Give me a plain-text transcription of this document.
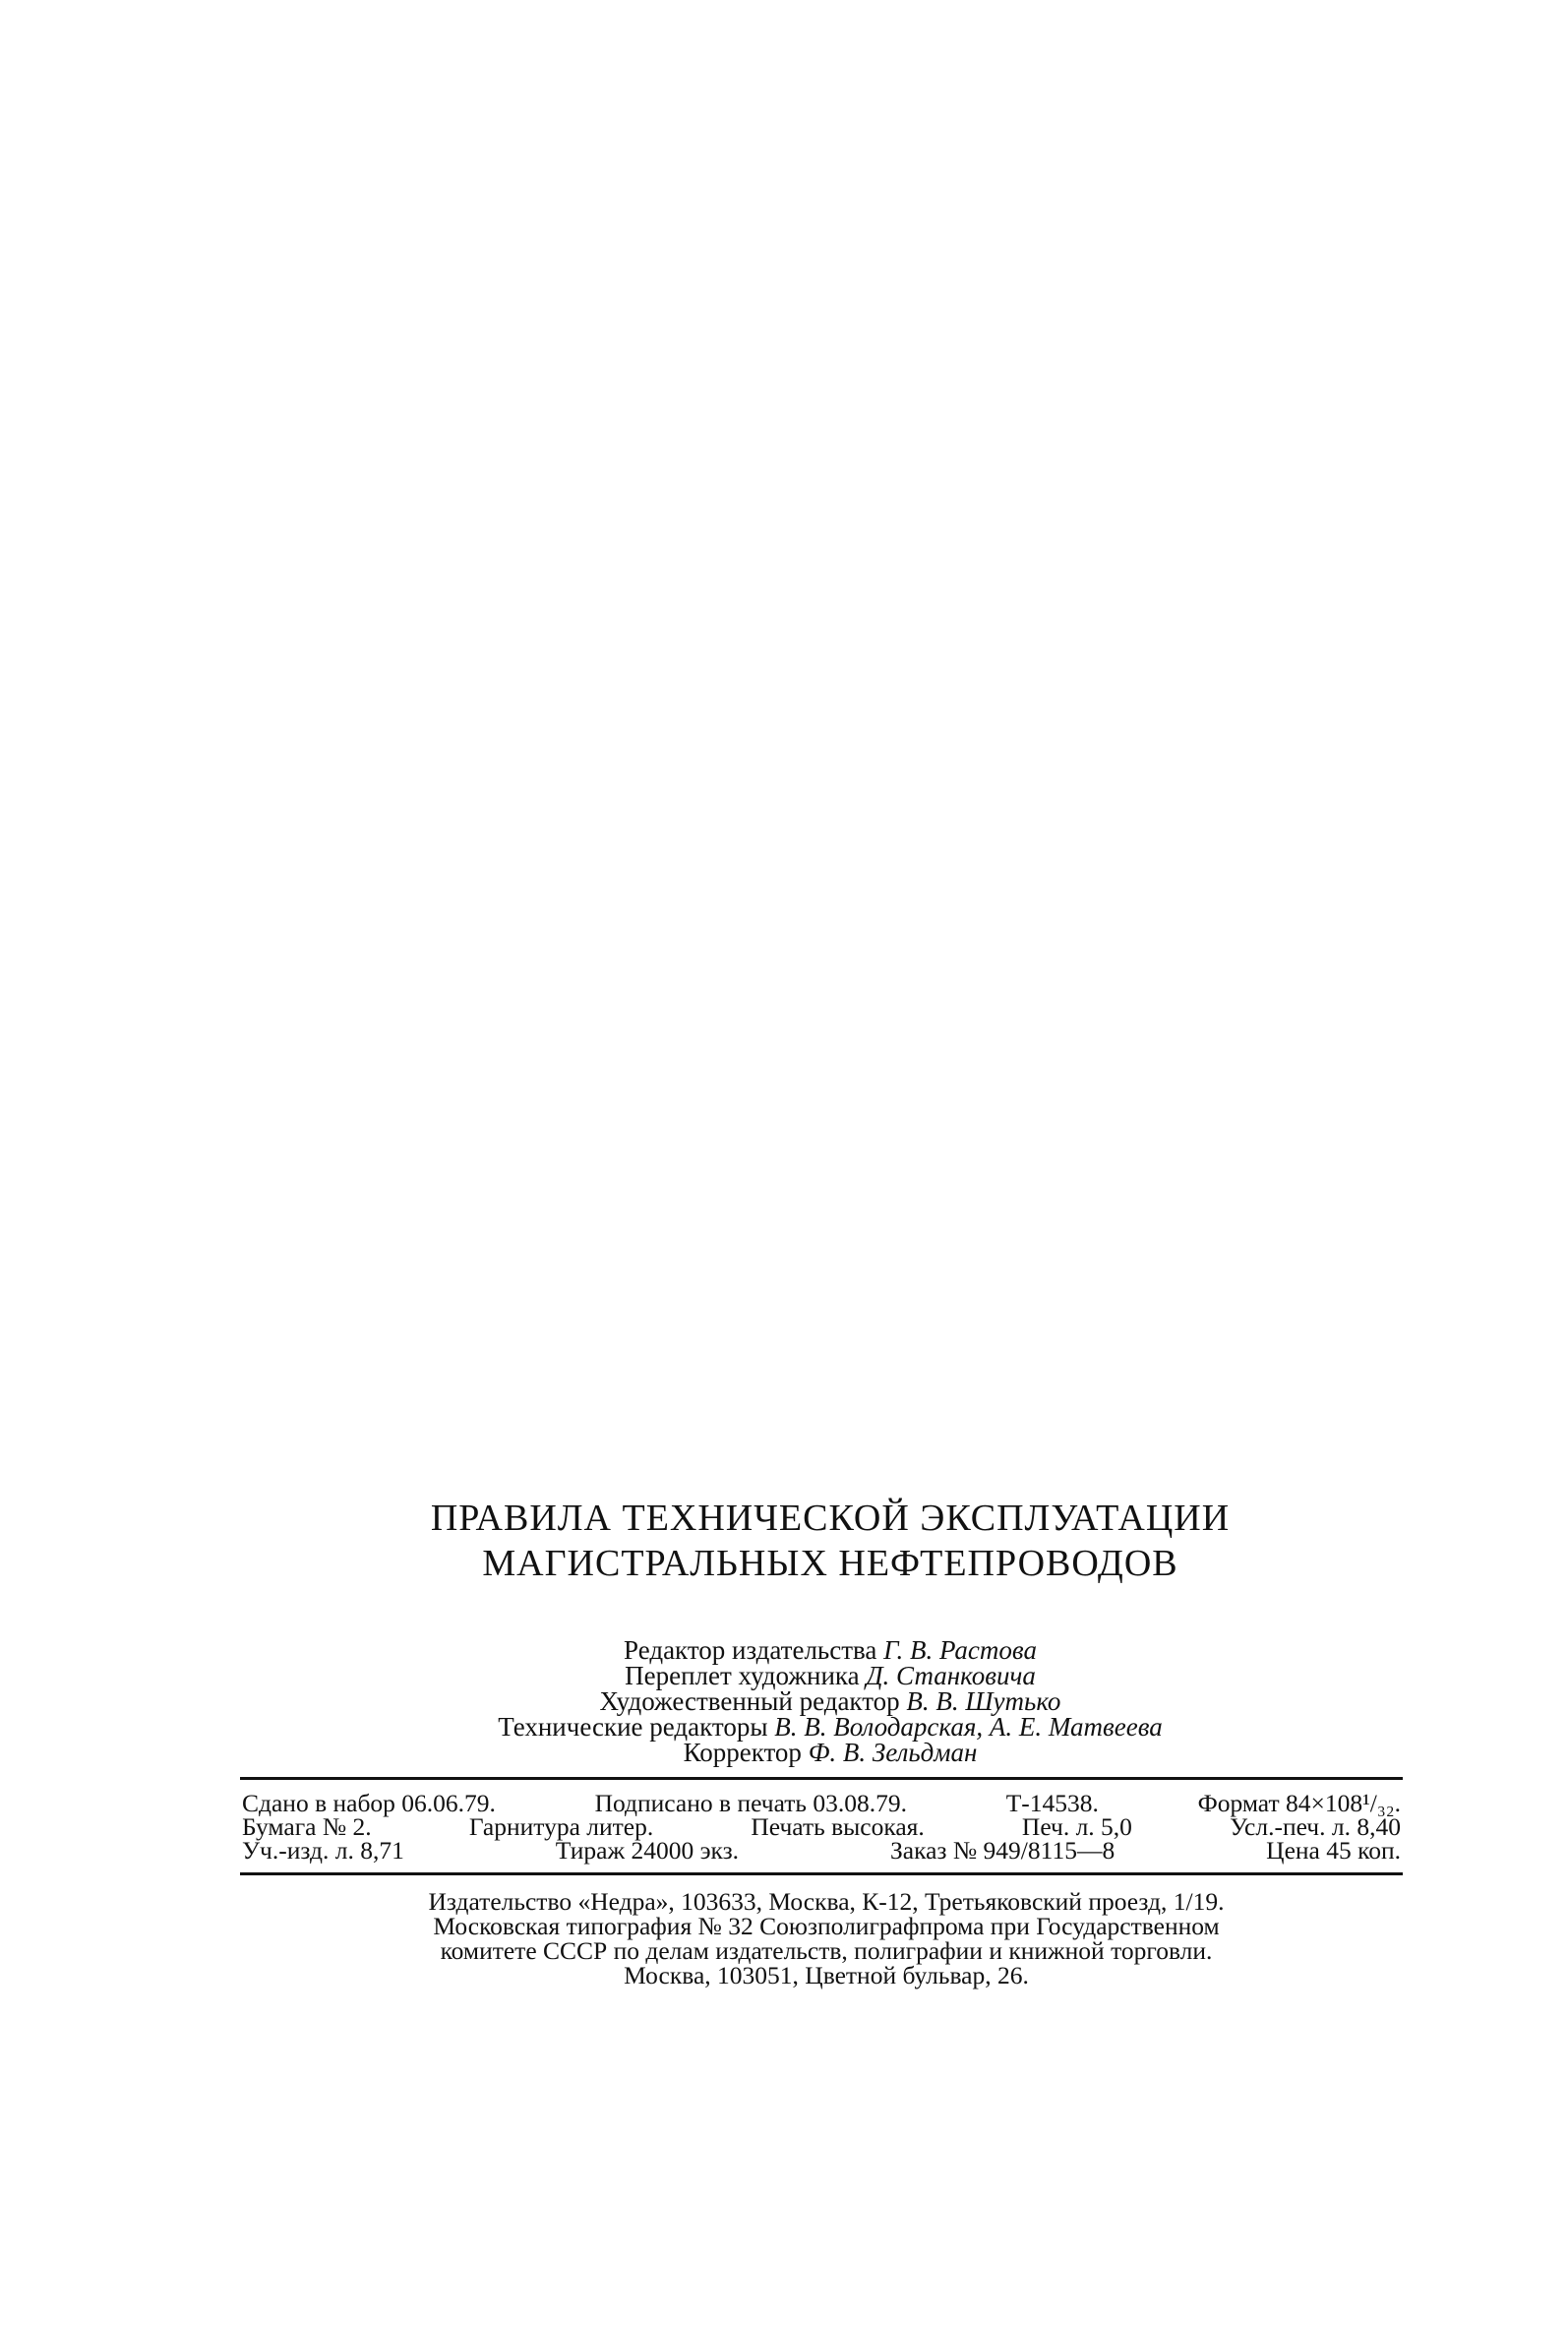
ПРАВИЛА ТЕХНИЧЕСКОЙ ЭКСПЛУАТАЦИИ
МАГИСТРАЛЬНЫХ НЕФТЕПРОВОДОВ
Редактор издательства Г. В. Растова
Переплет художника Д. Станковича
Художественный редактор В. В. Шутько
Технические редакторы В. В. Володарская, А. Е. Матвеева
Корректор Ф. В. Зельдман
Сдано в набор 06.06.79.	Подписано в печать 03.08.79.	Т-14538.	Формат 84×108¹/₃₂.
Бумага № 2.	Гарнитура литер.	Печать высокая.	Печ. л. 5,0	Усл.-печ. л. 8,40
Уч.-изд. л. 8,71	Тираж 24000 экз.	Заказ № 949/8115—8	Цена 45 коп.
Издательство «Недра», 103633, Москва, К-12, Третьяковский проезд, 1/19.
Московская типография № 32 Союзполиграфпрома при Государственном
комитете СССР по делам издательств, полиграфии и книжной торговли.
Москва, 103051, Цветной бульвар, 26.
